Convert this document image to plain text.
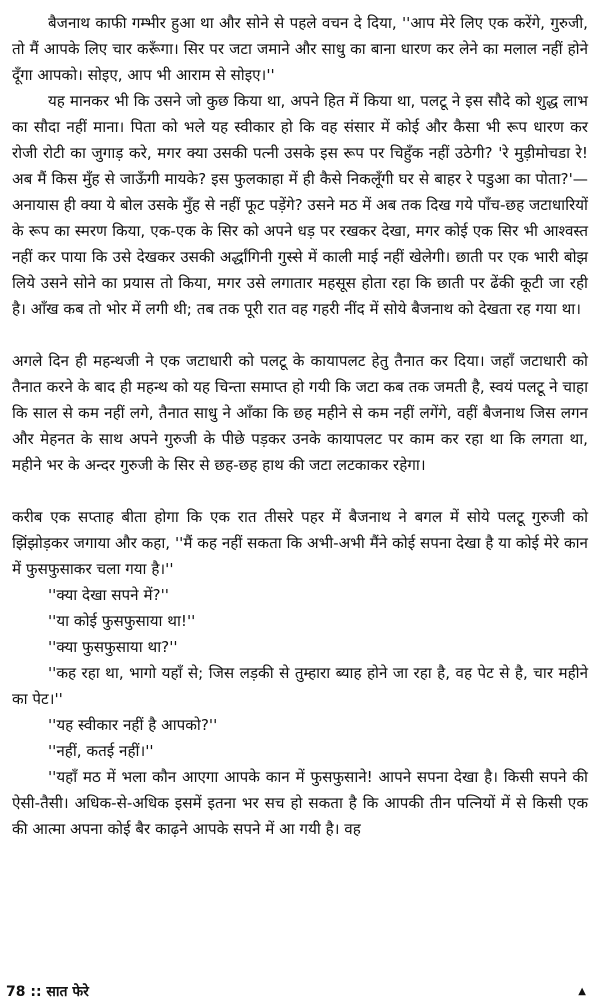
बैजनाथ काफी गम्भीर हुआ था और सोने से पहले वचन दे दिया, ''आप मेरे लिए एक करेंगे, गुरुजी, तो मैं आपके लिए चार करूँगा। सिर पर जटा जमाने और साधु का बाना धारण कर लेने का मलाल नहीं होने दूँगा आपको। सोइए, आप भी आराम से सोइए।''

यह मानकर भी कि उसने जो कुछ किया था, अपने हित में किया था, पलटू ने इस सौदे को शुद्ध लाभ का सौदा नहीं माना। पिता को भले यह स्वीकार हो कि वह संसार में कोई और कैसा भी रूप धारण कर रोजी रोटी का जुगाड़ करे, मगर क्या उसकी पत्नी उसके इस रूप पर चिहुँक नहीं उठेगी? 'रे मुड़ीमोचडा रे! अब मैं किस मुँह से जाऊँगी मायके? इस फुलकाहा में ही कैसे निकलूँगी घर से बाहर रे पडुआ का पोता?'—अनायास ही क्या ये बोल उसके मुँह से नहीं फूट पड़ेंगे? उसने मठ में अब तक दिख गये पाँच-छह जटाधारियों के रूप का स्मरण किया, एक-एक के सिर को अपने धड़ पर रखकर देखा, मगर कोई एक सिर भी आश्वस्त नहीं कर पाया कि उसे देखकर उसकी अर्द्धांगिनी गुस्से में काली माई नहीं खेलेगी। छाती पर एक भारी बोझ लिये उसने सोने का प्रयास तो किया, मगर उसे लगातार महसूस होता रहा कि छाती पर ढेंकी कूटी जा रही है। आँख कब तो भोर में लगी थी; तब तक पूरी रात वह गहरी नींद में सोये बैजनाथ को देखता रह गया था।

अगले दिन ही महन्थजी ने एक जटाधारी को पलटू के कायापलट हेतु तैनात कर दिया। जहाँ जटाधारी को तैनात करने के बाद ही महन्थ को यह चिन्ता समाप्त हो गयी कि जटा कब तक जमती है, स्वयं पलटू ने चाहा कि साल से कम नहीं लगे, तैनात साधु ने आँका कि छह महीने से कम नहीं लगेंगे, वहीं बैजनाथ जिस लगन और मेहनत के साथ अपने गुरुजी के पीछे पड़कर उनके कायापलट पर काम कर रहा था कि लगता था, महीने भर के अन्दर गुरुजी के सिर से छह-छह हाथ की जटा लटकाकर रहेगा।

करीब एक सप्ताह बीता होगा कि एक रात तीसरे पहर में बैजनाथ ने बगल में सोये पलटू गुरुजी को झिंझोड़कर जगाया और कहा, ''मैं कह नहीं सकता कि अभी-अभी मैंने कोई सपना देखा है या कोई मेरे कान में फुसफुसाकर चला गया है।''

''क्या देखा सपने में?''

''या कोई फुसफुसाया था!''

''क्या फुसफुसाया था?''

''कह रहा था, भागो यहाँ से; जिस लड़की से तुम्हारा ब्याह होने जा रहा है, वह पेट से है, चार महीने का पेट।''

''यह स्वीकार नहीं है आपको?''

''नहीं, कतई नहीं।''

''यहाँ मठ में भला कौन आएगा आपके कान में फुसफुसाने! आपने सपना देखा है। किसी सपने की ऐसी-तैसी। अधिक-से-अधिक इसमें इतना भर सच हो सकता है कि आपकी तीन पत्नियों में से किसी एक की आत्मा अपना कोई बैर काढ़ने आपके सपने में आ गयी है। वह

78 :: सात फेरे	▲
